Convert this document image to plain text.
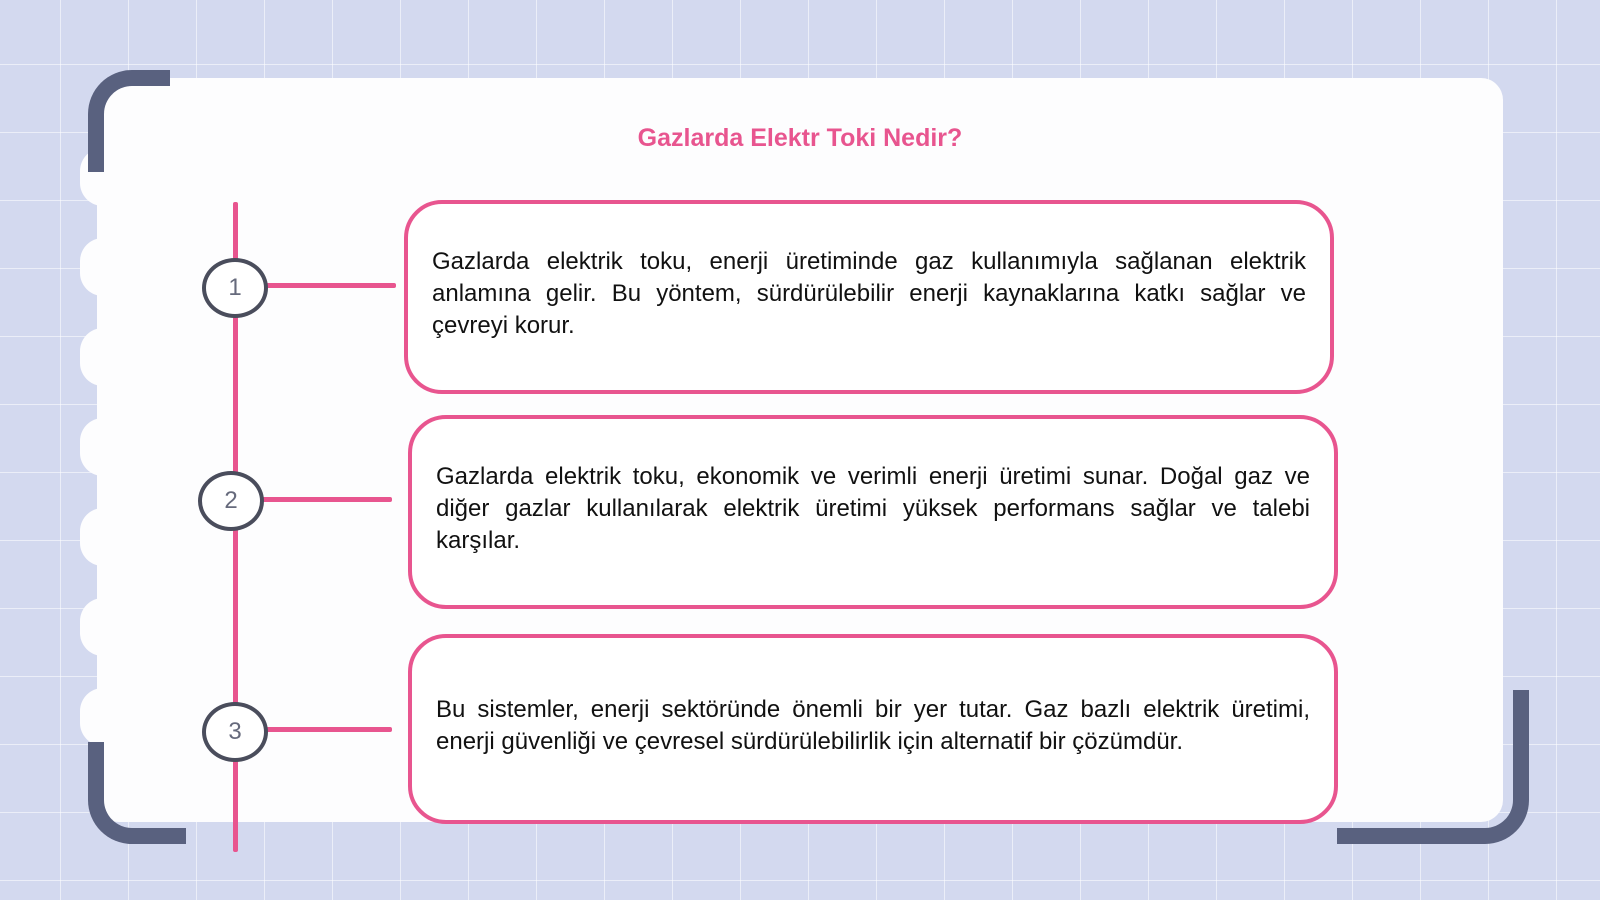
Gazlarda Elektr Toki Nedir?
1
Gazlarda elektrik toku, enerji üretiminde gaz kullanımıyla sağlanan elektrik anlamına gelir. Bu yöntem, sürdürülebilir enerji kaynaklarına katkı sağlar ve çevreyi korur.
2
Gazlarda elektrik toku, ekonomik ve verimli enerji üretimi sunar. Doğal gaz ve diğer gazlar kullanılarak elektrik üretimi yüksek performans sağlar ve talebi karşılar.
3
Bu sistemler, enerji sektöründe önemli bir yer tutar. Gaz bazlı elektrik üretimi, enerji güvenliği ve çevresel sürdürülebilirlik için alternatif bir çözümdür.
